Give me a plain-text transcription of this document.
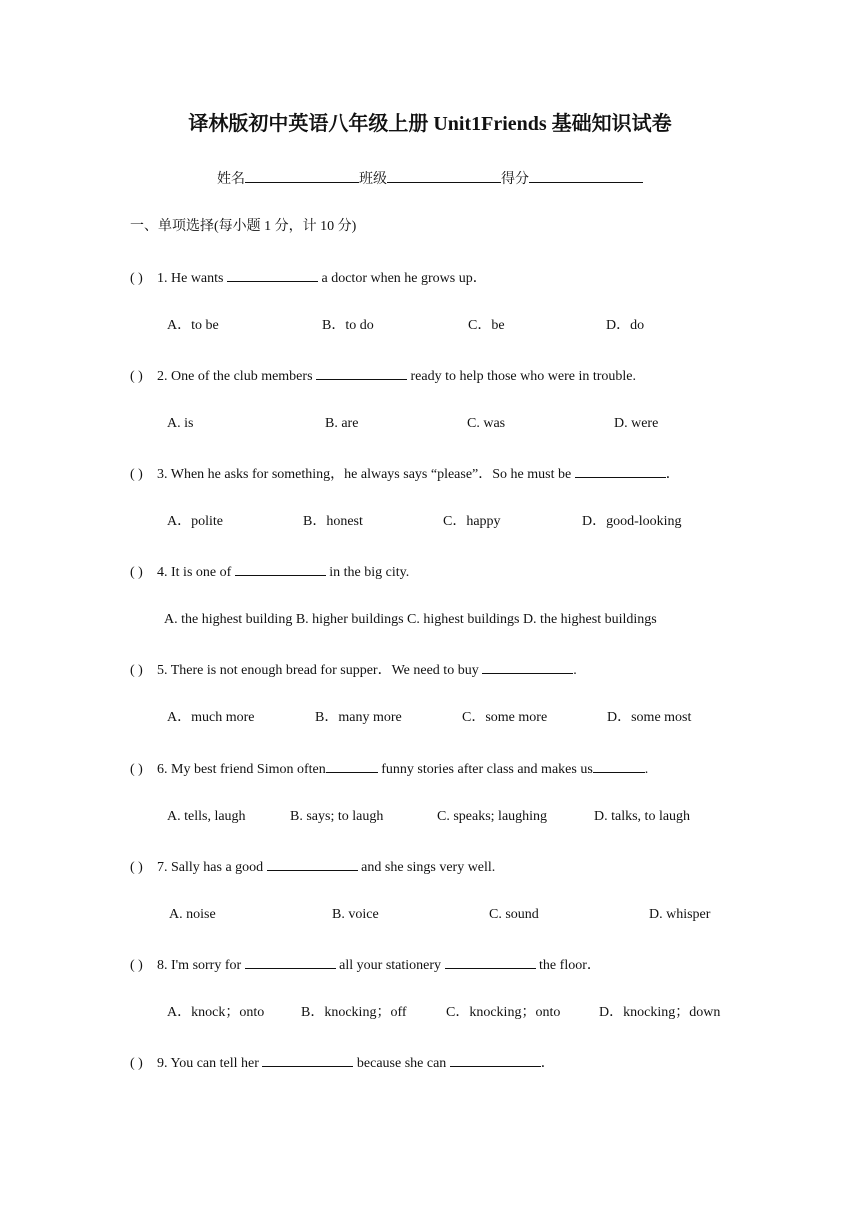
译林版初中英语八年级上册 Unit1Friends 基础知识试卷
姓名	班级	得分
一、单项选择(每小题 1 分，计 10 分)
( ) 1. He wants	a doctor when he grows up．
A．to be	B．to do	C．be	D．do
( ) 2. One of the club members	ready to help those who were in trouble.
A. is	B. are	C. was	D. were
( ) 3. When he asks for something，he always says “please”．So he must be	．
A．polite	B．honest	C．happy	D．good-looking
( ) 4. It is one of	in the big city.
A. the highest building B. higher buildings C. highest buildings D. the highest buildings
( ) 5. There is not enough bread for supper．We need to buy	.
A．much more	B．many more	C．some more	D．some most
( ) 6. My best friend Simon often	funny stories after class and makes us	.
A. tells, laugh	B. says; to laugh	C. speaks; laughing	D. talks, to laugh
( ) 7. Sally has a good	and she sings very well.
A. noise	B. voice	C. sound	D. whisper
( ) 8. I'm sorry for	all your stationery	the floor．
A．knock；onto	B．knocking；off	C．knocking；onto	D．knocking；down
( ) 9. You can tell her	because she can	．
